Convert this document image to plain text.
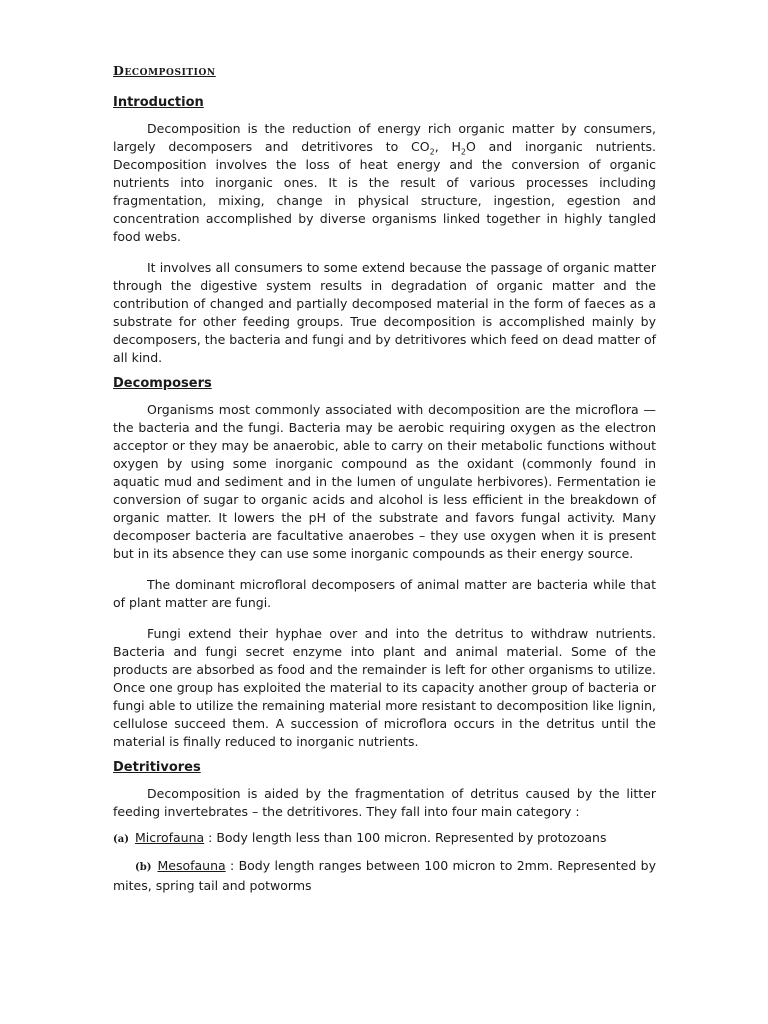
Decomposition
Introduction

Decomposition is the reduction of energy rich organic matter by consumers, largely decomposers and detritivores to $CO_2$, $H_2O$ and inorganic nutrients. Decomposition involves the loss of heat energy and the conversion of organic nutrients into inorganic ones. It is the result of various processes including fragmentation, mixing, change in physical structure, ingestion, egestion and concentration accomplished by diverse organisms linked together in highly tangled food webs.

It involves all consumers to some extend because the passage of organic matter through the digestive system results in degradation of organic matter and the contribution of changed and partially decomposed material in the form of faeces as a substrate for other feeding groups. True decomposition is accomplished mainly by decomposers, the bacteria and fungi and by detritivores which feed on dead matter of all kind.

Decomposers

Organisms most commonly associated with decomposition are the microflora — the bacteria and the fungi. Bacteria may be aerobic requiring oxygen as the electron acceptor or they may be anaerobic, able to carry on their metabolic functions without oxygen by using some inorganic compound as the oxidant (commonly found in aquatic mud and sediment and in the lumen of ungulate herbivores). Fermentation ie conversion of sugar to organic acids and alcohol is less efficient in the breakdown of organic matter. It lowers the pH of the substrate and favors fungal activity. Many decomposer bacteria are facultative anaerobes – they use oxygen when it is present but in its absence they can use some inorganic compounds as their energy source.

The dominant microfloral decomposers of animal matter are bacteria while that of plant matter are fungi.

Fungi extend their hyphae over and into the detritus to withdraw nutrients. Bacteria and fungi secret enzyme into plant and animal material. Some of the products are absorbed as food and the remainder is left for other organisms to utilize. Once one group has exploited the material to its capacity another group of bacteria or fungi able to utilize the remaining material more resistant to decomposition like lignin, cellulose succeed them. A succession of microflora occurs in the detritus until the material is finally reduced to inorganic nutrients.

Detritivores

Decomposition is aided by the fragmentation of detritus caused by the litter feeding invertebrates – the detritivores. They fall into four main category :

(a) Microfauna : Body length less than 100 micron. Represented by protozoans

(b) Mesofauna : Body length ranges between 100 micron to 2mm. Represented by mites, spring tail and potworms
